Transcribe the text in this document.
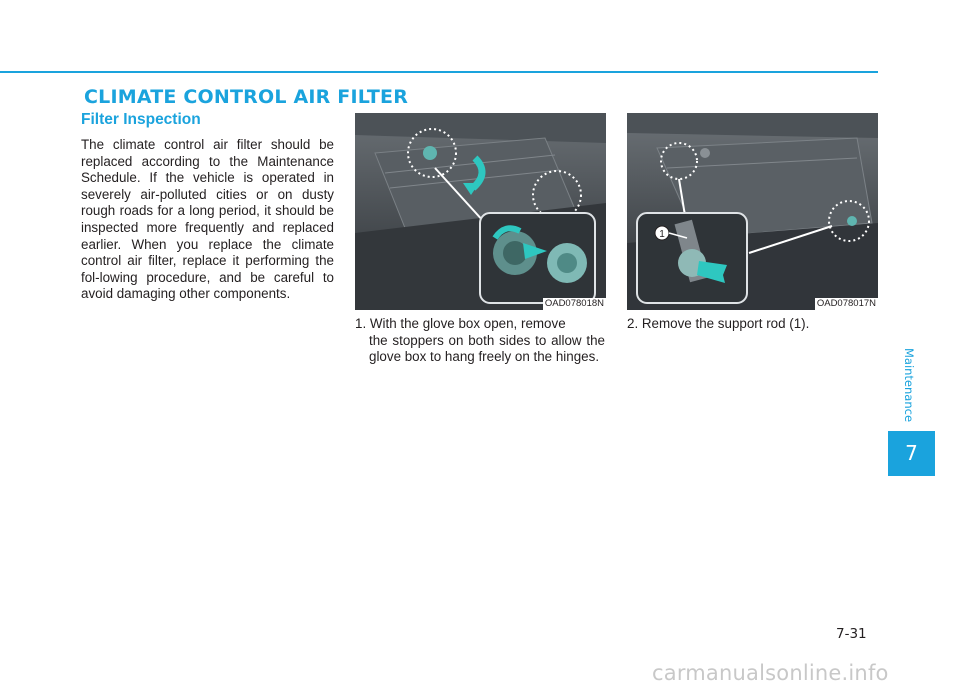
CLIMATE CONTROL AIR FILTER
Filter Inspection
The climate control air filter should be replaced according to the Maintenance Schedule. If the vehicle is operated in severely air-polluted cities or on dusty rough roads for a long period, it should be inspected more frequently and replaced earlier. When you replace the climate control air filter, replace it performing the fol-lowing procedure, and be careful to avoid damaging other components.
OAD078018N
1
OAD078017N
1. With the glove box open, remove
the stoppers on both sides to allow the glove box to hang freely on the hinges.
2. Remove the support rod (1).
Maintenance
7
7-31
carmanualsonline.info
